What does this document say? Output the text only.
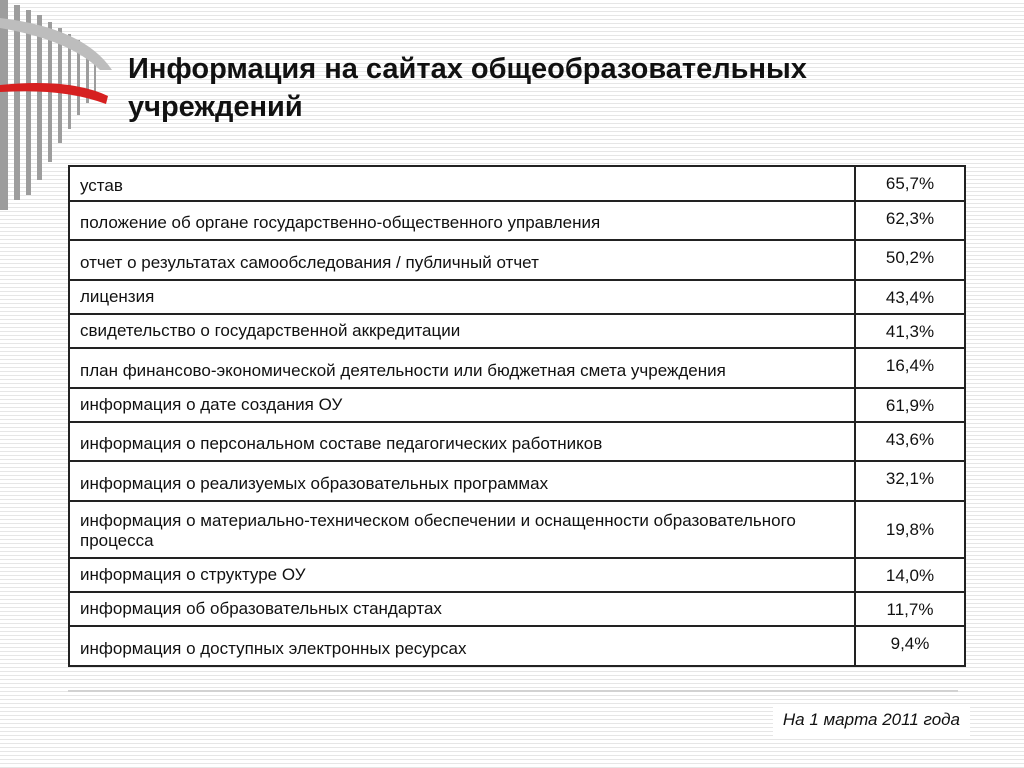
Информация на сайтах общеобразовательных учреждений
устав	65,7%
положение об органе государственно-общественного управления	62,3%
отчет о результатах самообследования / публичный отчет	50,2%
лицензия	43,4%
свидетельство о государственной аккредитации	41,3%
план финансово-экономической деятельности или бюджетная смета учреждения	16,4%
информация о дате создания ОУ	61,9%
информация о персональном составе педагогических работников	43,6%
информация о реализуемых образовательных программах	32,1%
информация о материально-техническом обеспечении и оснащенности образовательного процесса	19,8%
информация о структуре ОУ	14,0%
информация об образовательных стандартах	11,7%
информация о доступных электронных ресурсах	9,4%
На 1 марта 2011 года
